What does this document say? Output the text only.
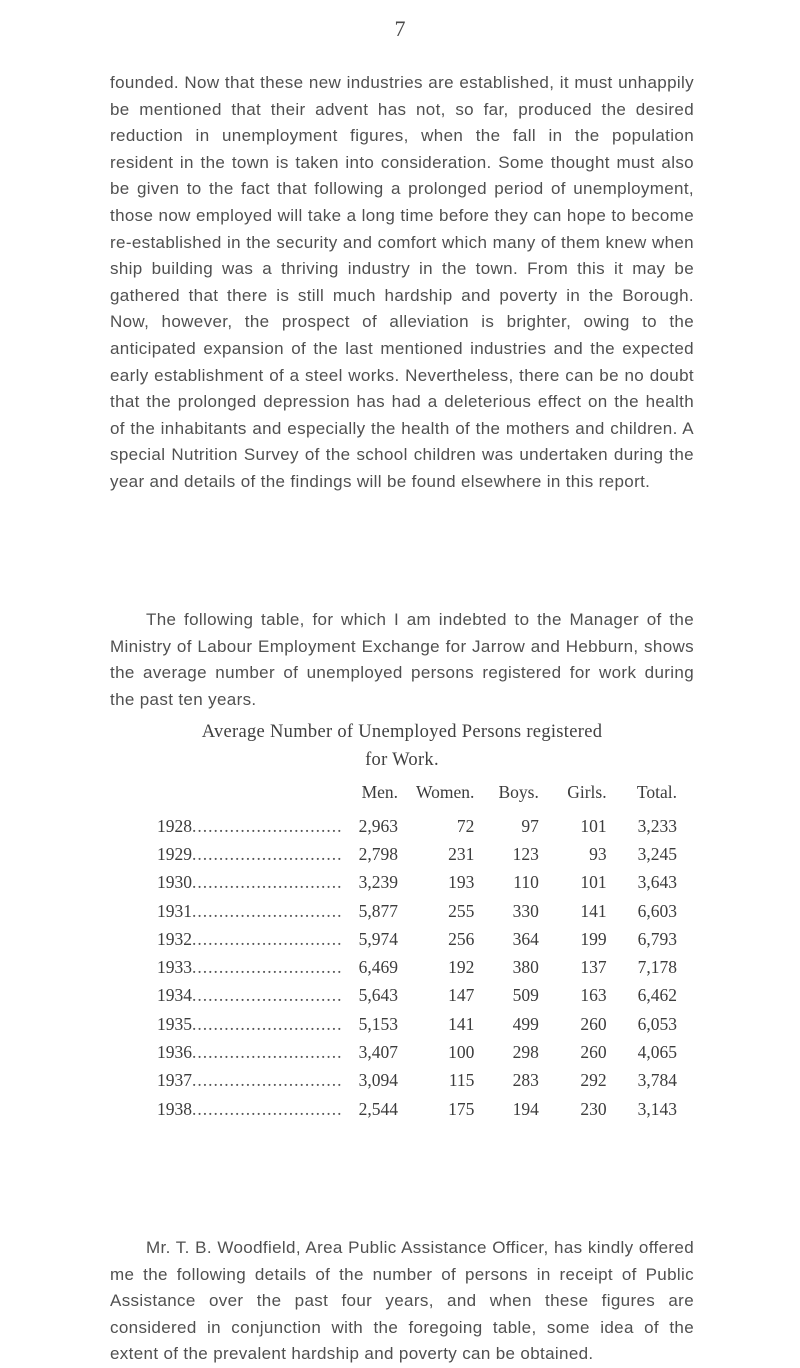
7

founded. Now that these new industries are established, it must unhappily be mentioned that their advent has not, so far, produced the desired reduction in unemployment figures, when the fall in the population resident in the town is taken into consideration. Some thought must also be given to the fact that following a prolonged period of unemployment, those now employed will take a long time before they can hope to become re-established in the security and comfort which many of them knew when ship building was a thriving industry in the town. From this it may be gathered that there is still much hardship and poverty in the Borough. Now, however, the prospect of alleviation is brighter, owing to the anticipated expansion of the last mentioned industries and the expected early establishment of a steel works. Nevertheless, there can be no doubt that the prolonged depression has had a deleterious effect on the health of the inhabitants and especially the health of the mothers and children. A special Nutrition Survey of the school children was undertaken during the year and details of the findings will be found elsewhere in this report.

The following table, for which I am indebted to the Manager of the Ministry of Labour Employment Exchange for Jarrow and Hebburn, shows the average number of unemployed persons registered for work during the past ten years.

Average Number of Unemployed Persons registered
for Work.
	Men.	Women.	Boys.	Girls.	Total.
1928............................	2,963	72	97	101	3,233
1929............................	2,798	231	123	93	3,245
1930............................	3,239	193	110	101	3,643
1931............................	5,877	255	330	141	6,603
1932............................	5,974	256	364	199	6,793
1933............................	6,469	192	380	137	7,178
1934............................	5,643	147	509	163	6,462
1935............................	5,153	141	499	260	6,053
1936............................	3,407	100	298	260	4,065
1937............................	3,094	115	283	292	3,784
1938............................	2,544	175	194	230	3,143

Mr. T. B. Woodfield, Area Public Assistance Officer, has kindly offered me the following details of the number of persons in receipt of Public Assistance over the past four years, and when these figures are considered in conjunction with the foregoing table, some idea of the extent of the prevalent hardship and poverty can be obtained.
